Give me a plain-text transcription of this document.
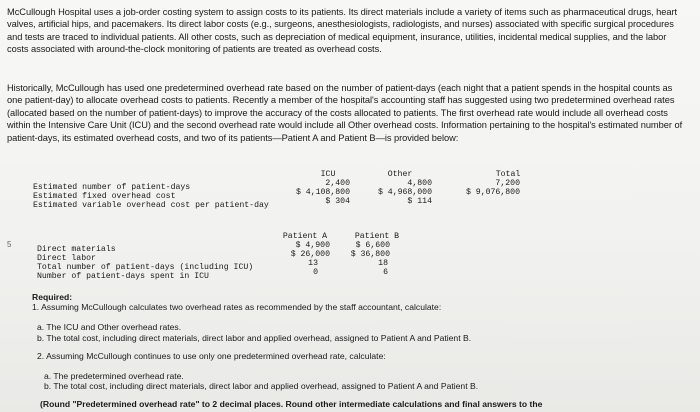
McCullough Hospital uses a job-order costing system to assign costs to its patients. Its direct materials include a variety of items such as pharmaceutical drugs, heart valves, artificial hips, and pacemakers. Its direct labor costs (e.g., surgeons, anesthesiologists, radiologists, and nurses) associated with specific surgical procedures and tests are traced to individual patients. All other costs, such as depreciation of medical equipment, insurance, utilities, incidental medical supplies, and the labor costs associated with around-the-clock monitoring of patients are treated as overhead costs.

Historically, McCullough has used one predetermined overhead rate based on the number of patient-days (each night that a patient spends in the hospital counts as one patient-day) to allocate overhead costs to patients. Recently a member of the hospital's accounting staff has suggested using two predetermined overhead rates (allocated based on the number of patient-days) to improve the accuracy of the costs allocated to patients. The first overhead rate would include all overhead costs within the Intensive Care Unit (ICU) and the second overhead rate would include all Other overhead costs. Information pertaining to the hospital's estimated number of patient-days, its estimated overhead costs, and two of its patients—Patient A and Patient B—is provided below:

ICU	Other	Total
Estimated number of patient-days	2,400	4,800	7,200
Estimated fixed overhead cost	$ 4,108,800	$ 4,968,000	$ 9,076,800
Estimated variable overhead cost per patient-day	$ 304	$ 114
5
Patient A	Patient B
Direct materials	$ 4,900	$ 6,600
Direct labor	$ 26,000	$ 36,800
Total number of patient-days (including ICU)	13	18
Number of patient-days spent in ICU	0	6

Required:

1. Assuming McCullough calculates two overhead rates as recommended by the staff accountant, calculate:

a. The ICU and Other overhead rates.

b. The total cost, including direct materials, direct labor and applied overhead, assigned to Patient A and Patient B.

2. Assuming McCullough continues to use only one predetermined overhead rate, calculate:

a. The predetermined overhead rate.

b. The total cost, including direct materials, direct labor and applied overhead, assigned to Patient A and Patient B.

(Round "Predetermined overhead rate" to 2 decimal places. Round other intermediate calculations and final answers to the
